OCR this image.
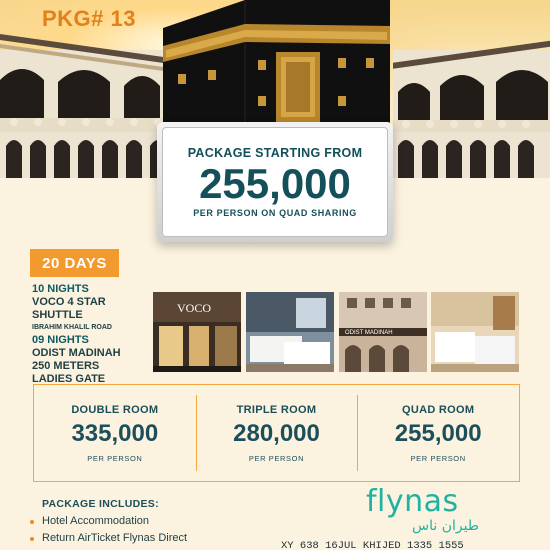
PKG# 13
PACKAGE STARTING FROM
255,000
PER PERSON ON QUAD SHARING
20 DAYS
10 NIGHTS
VOCO 4 STAR
SHUTTLE
IBRAHIM KHALIL ROAD
09 NIGHTS
ODIST MADINAH
250 METERS
LADIES GATE
VOCO
ODIST MADINAH
DOUBLE ROOM
335,000
PER PERSON
TRIPLE ROOM
280,000
PER PERSON
QUAD ROOM
255,000
PER PERSON
PACKAGE INCLUDES:
Hotel Accommodation
Return AirTicket Flynas Direct
flynas
طيران ناس
XY 638 16JUL KHIJED 1335 1555
